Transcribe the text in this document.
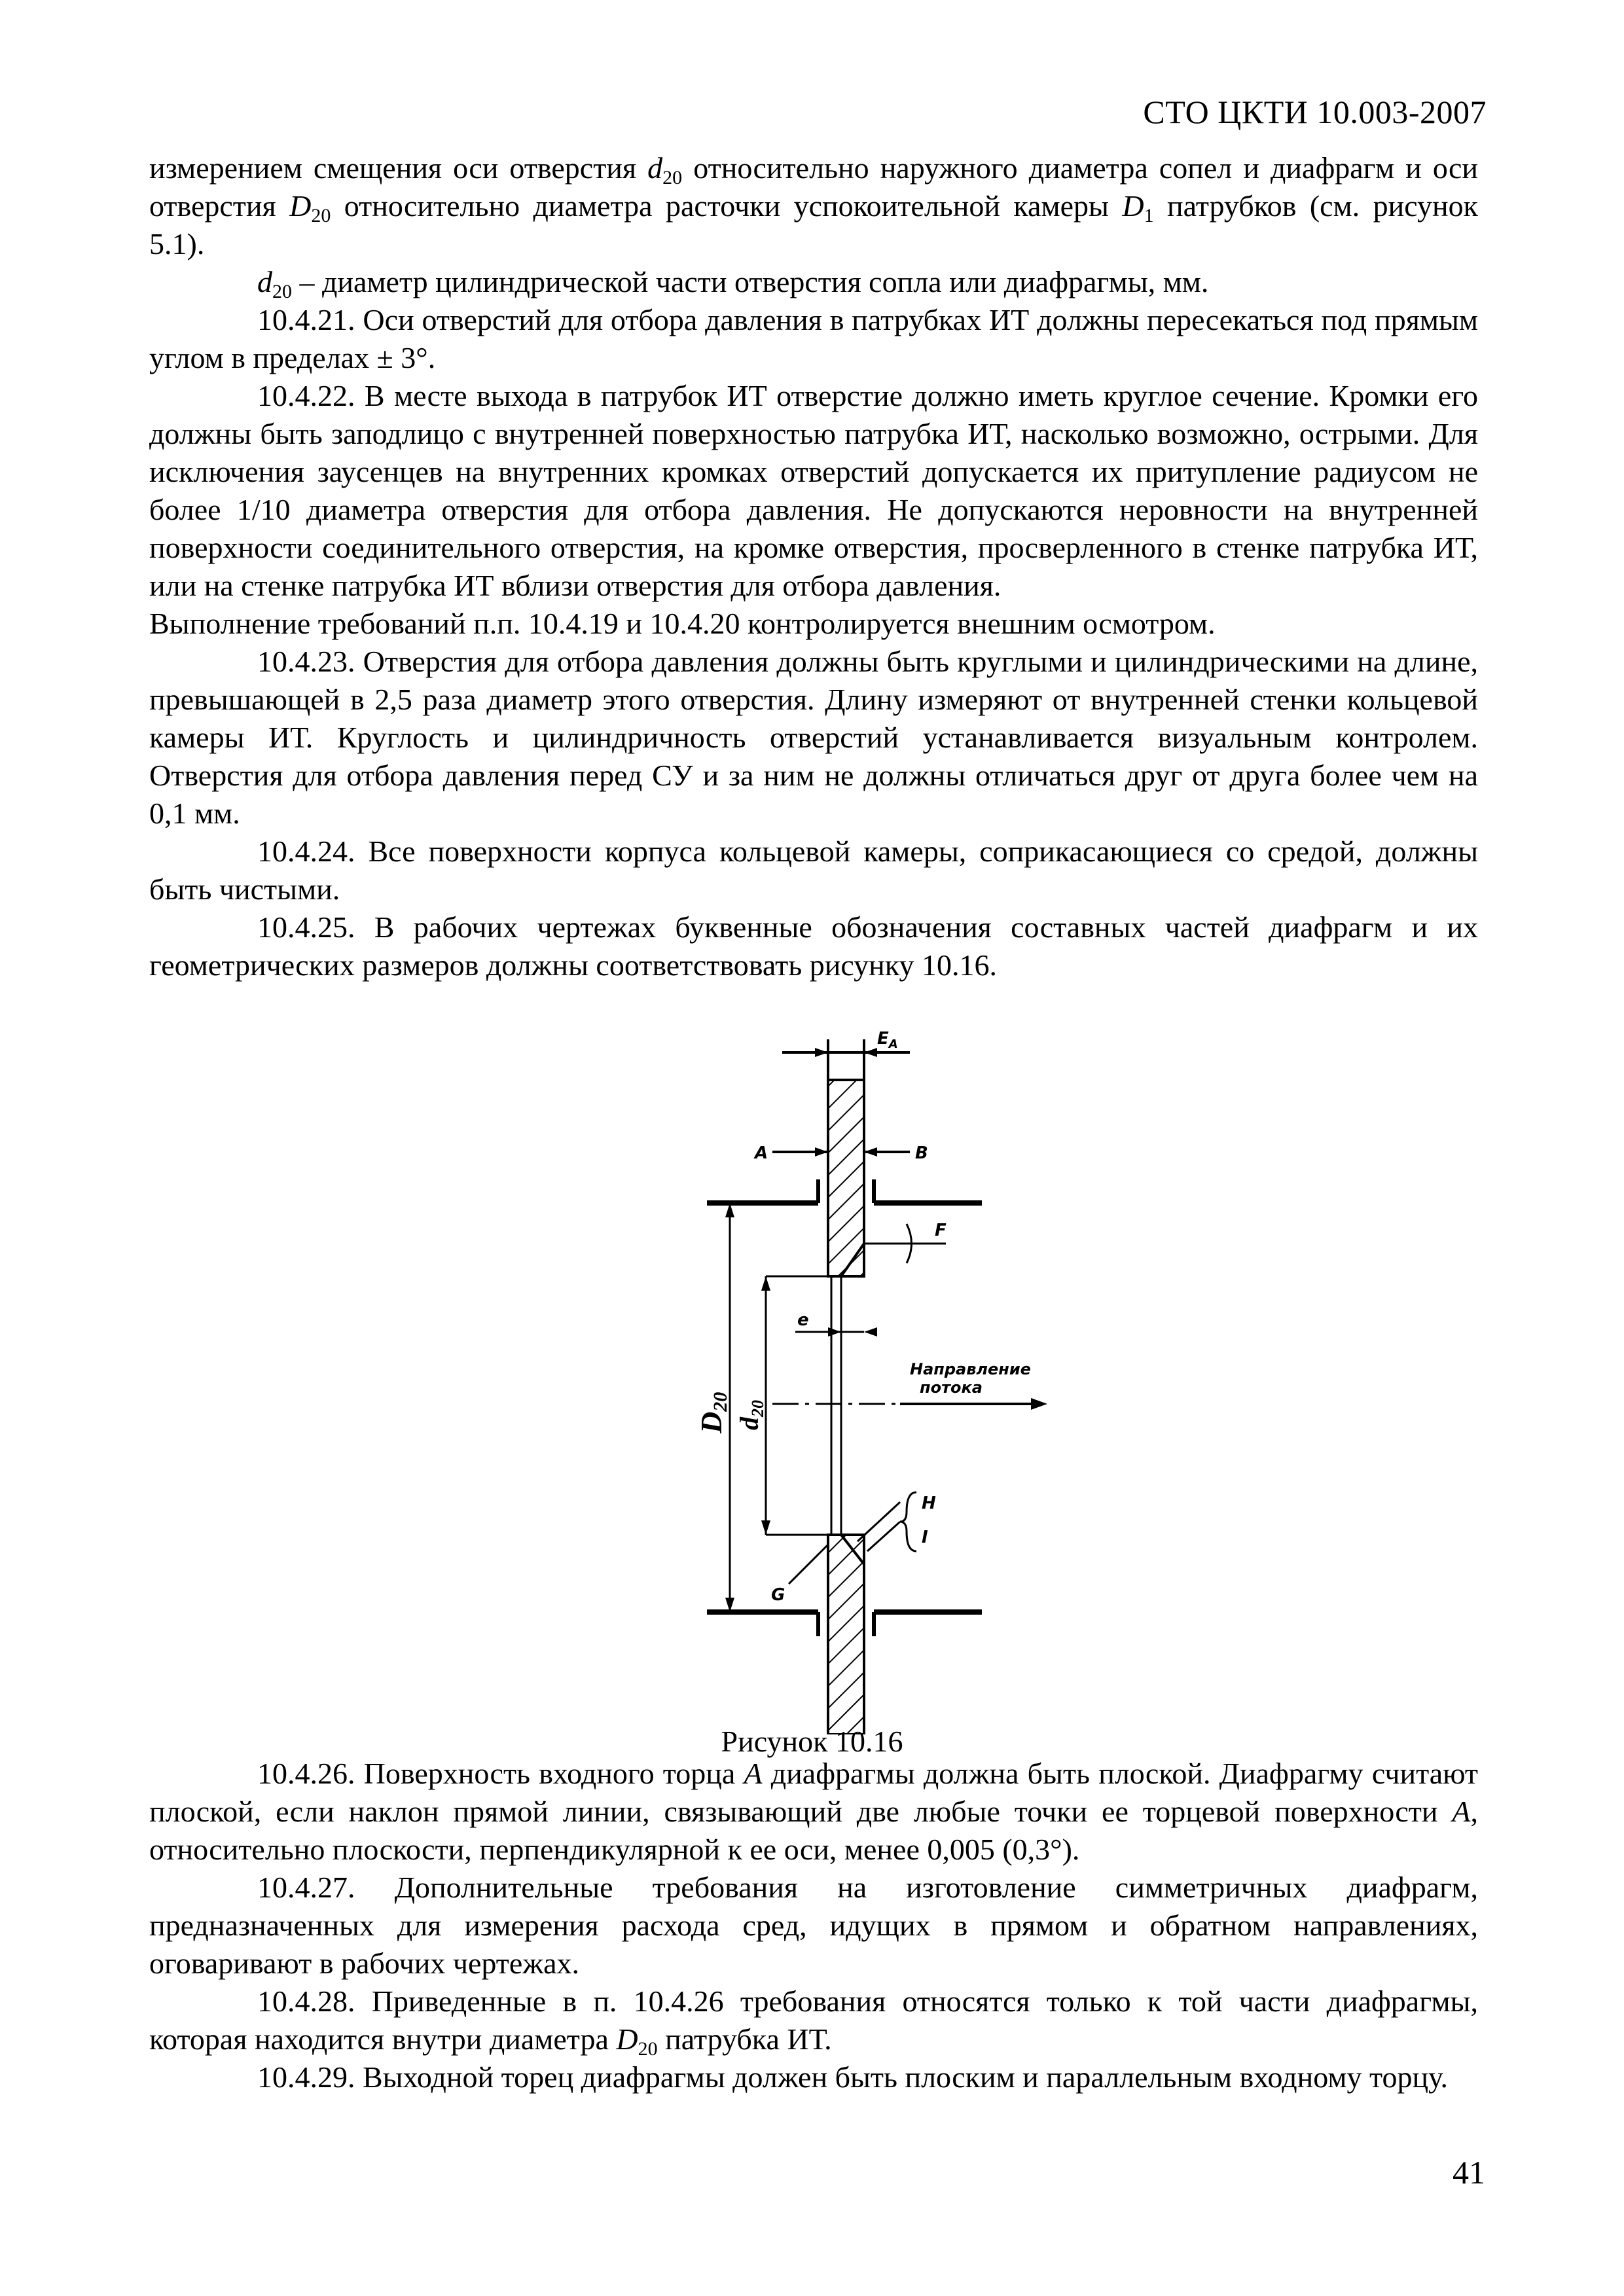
СТО ЦКТИ 10.003-2007

измерением смещения оси отверстия $d_{20}$ относительно наружного диаметра сопел и диафрагм и оси отверстия $D_{20}$ относительно диаметра расточки успокоительной камеры $D_1$ патрубков (см. рисунок 5.1).

$d_{20}$ – диаметр цилиндрической части отверстия сопла или диафрагмы, мм.

10.4.21. Оси отверстий для отбора давления в патрубках ИТ должны пересекаться под прямым углом в пределах ± 3°.

10.4.22. В месте выхода в патрубок ИТ отверстие должно иметь круглое сечение. Кромки его должны быть заподлицо с внутренней поверхностью патрубка ИТ, насколько возможно, острыми. Для исключения заусенцев на внутренних кромках отверстий допускается их притупление радиусом не более 1/10 диаметра отверстия для отбора давления. Не допускаются неровности на внутренней поверхности соединительного отверстия, на кромке отверстия, просверленного в стенке патрубка ИТ, или на стенке патрубка ИТ вблизи отверстия для отбора давления.

Выполнение требований п.п. 10.4.19 и 10.4.20 контролируется внешним осмотром.

10.4.23. Отверстия для отбора давления должны быть круглыми и цилиндрическими на длине, превышающей в 2,5 раза диаметр этого отверстия. Длину измеряют от внутренней стенки кольцевой камеры ИТ. Круглость и цилиндричность отверстий устанавливается визуальным контролем. Отверстия для отбора давления перед СУ и за ним не должны отличаться друг от друга более чем на 0,1 мм.

10.4.24. Все поверхности корпуса кольцевой камеры, соприкасающиеся со средой, должны быть чистыми.

10.4.25. В рабочих чертежах буквенные обозначения составных частей диафрагм и их геометрических размеров должны соответствовать рисунку 10.16.

$E_A$
A	B
F
e
Направление
потока
H
I
G
D20
$d_{20}$
Рисунок 10.16

10.4.26. Поверхность входного торца A диафрагмы должна быть плоской. Диафрагму считают плоской, если наклон прямой линии, связывающий две любые точки ее торцевой поверхности A, относительно плоскости, перпендикулярной к ее оси, менее 0,005 (0,3°).

10.4.27. Дополнительные требования на изготовление симметричных диафрагм, предназначенных для измерения расхода сред, идущих в прямом и обратном направлениях, оговаривают в рабочих чертежах.

10.4.28. Приведенные в п. 10.4.26 требования относятся только к той части диафрагмы, которая находится внутри диаметра $D_{20}$ патрубка ИТ.

10.4.29. Выходной торец диафрагмы должен быть плоским и параллельным входному торцу.

41
